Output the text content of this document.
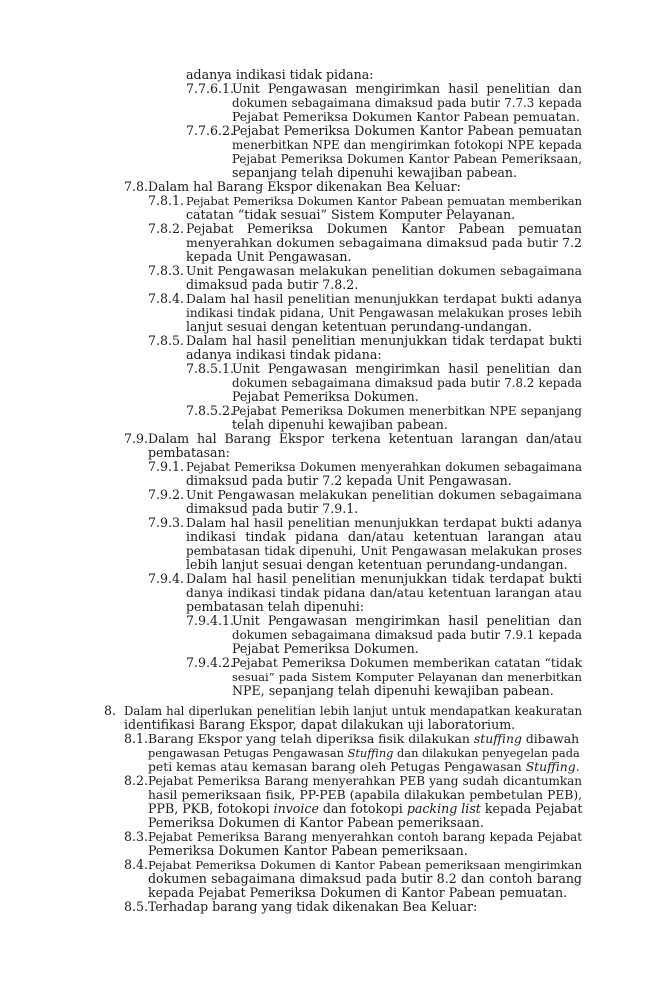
adanya indikasi tidak pidana:
7.7.6.1.
Unit Pengawasan mengirimkan hasil penelitian dan
dokumen sebagaimana dimaksud pada butir 7.7.3 kepada
Pejabat Pemeriksa Dokumen Kantor Pabean pemuatan.
7.7.6.2.
Pejabat Pemeriksa Dokumen Kantor Pabean pemuatan
menerbitkan NPE dan mengirimkan fotokopi NPE kepada
Pejabat Pemeriksa Dokumen Kantor Pabean Pemeriksaan,
sepanjang telah dipenuhi kewajiban pabean.
7.8. Dalam hal Barang Ekspor dikenakan Bea Keluar:
7.8.1. Pejabat Pemeriksa Dokumen Kantor Pabean pemuatan memberikan
catatan “tidak sesuai” Sistem Komputer Pelayanan.
7.8.2. Pejabat Pemeriksa Dokumen Kantor Pabean pemuatan
menyerahkan dokumen sebagaimana dimaksud pada butir 7.2
kepada Unit Pengawasan.
7.8.3. Unit Pengawasan melakukan penelitian dokumen sebagaimana
dimaksud pada butir 7.8.2.
7.8.4. Dalam hal hasil penelitian menunjukkan terdapat bukti adanya
indikasi tindak pidana, Unit Pengawasan melakukan proses lebih
lanjut sesuai dengan ketentuan perundang-undangan.
7.8.5. Dalam hal hasil penelitian menunjukkan tidak terdapat bukti
adanya indikasi tindak pidana:
7.8.5.1.
Unit Pengawasan mengirimkan hasil penelitian dan
dokumen sebagaimana dimaksud pada butir 7.8.2 kepada
Pejabat Pemeriksa Dokumen.
7.8.5.2.
Pejabat Pemeriksa Dokumen menerbitkan NPE sepanjang
telah dipenuhi kewajiban pabean.
7.9. Dalam hal Barang Ekspor terkena ketentuan larangan dan/atau
pembatasan:
7.9.1. Pejabat Pemeriksa Dokumen menyerahkan dokumen sebagaimana
dimaksud pada butir 7.2 kepada Unit Pengawasan.
7.9.2. Unit Pengawasan melakukan penelitian dokumen sebagaimana
dimaksud pada butir 7.9.1.
7.9.3. Dalam hal hasil penelitian menunjukkan terdapat bukti adanya
indikasi tindak pidana dan/atau ketentuan larangan atau
pembatasan tidak dipenuhi, Unit Pengawasan melakukan proses
lebih lanjut sesuai dengan ketentuan perundang-undangan.
7.9.4. Dalam hal hasil penelitian menunjukkan tidak terdapat bukti
danya indikasi tindak pidana dan/atau ketentuan larangan atau
pembatasan telah dipenuhi:
7.9.4.1.
Unit Pengawasan mengirimkan hasil penelitian dan
dokumen sebagaimana dimaksud pada butir 7.9.1 kepada
Pejabat Pemeriksa Dokumen.
7.9.4.2.
Pejabat Pemeriksa Dokumen memberikan catatan “tidak
sesuai” pada Sistem Komputer Pelayanan dan menerbitkan
NPE, sepanjang telah dipenuhi kewajiban pabean.
8. Dalam hal diperlukan penelitian lebih lanjut untuk mendapatkan keakuratan
identifikasi Barang Ekspor, dapat dilakukan uji laboratorium.
8.1. Barang Ekspor yang telah diperiksa fisik dilakukan stuffing dibawah
pengawasan Petugas Pengawasan Stuffing dan dilakukan penyegelan pada
peti kemas atau kemasan barang oleh Petugas Pengawasan Stuffing.
8.2. Pejabat Pemeriksa Barang menyerahkan PEB yang sudah dicantumkan
hasil pemeriksaan fisik, PP-PEB (apabila dilakukan pembetulan PEB),
PPB, PKB, fotokopi invoice dan fotokopi packing list kepada Pejabat
Pemeriksa Dokumen di Kantor Pabean pemeriksaan.
8.3. Pejabat Pemeriksa Barang menyerahkan contoh barang kepada Pejabat
Pemeriksa Dokumen Kantor Pabean pemeriksaan.
8.4. Pejabat Pemeriksa Dokumen di Kantor Pabean pemeriksaan mengirimkan
dokumen sebagaimana dimaksud pada butir 8.2 dan contoh barang
kepada Pejabat Pemeriksa Dokumen di Kantor Pabean pemuatan.
8.5. Terhadap barang yang tidak dikenakan Bea Keluar:
